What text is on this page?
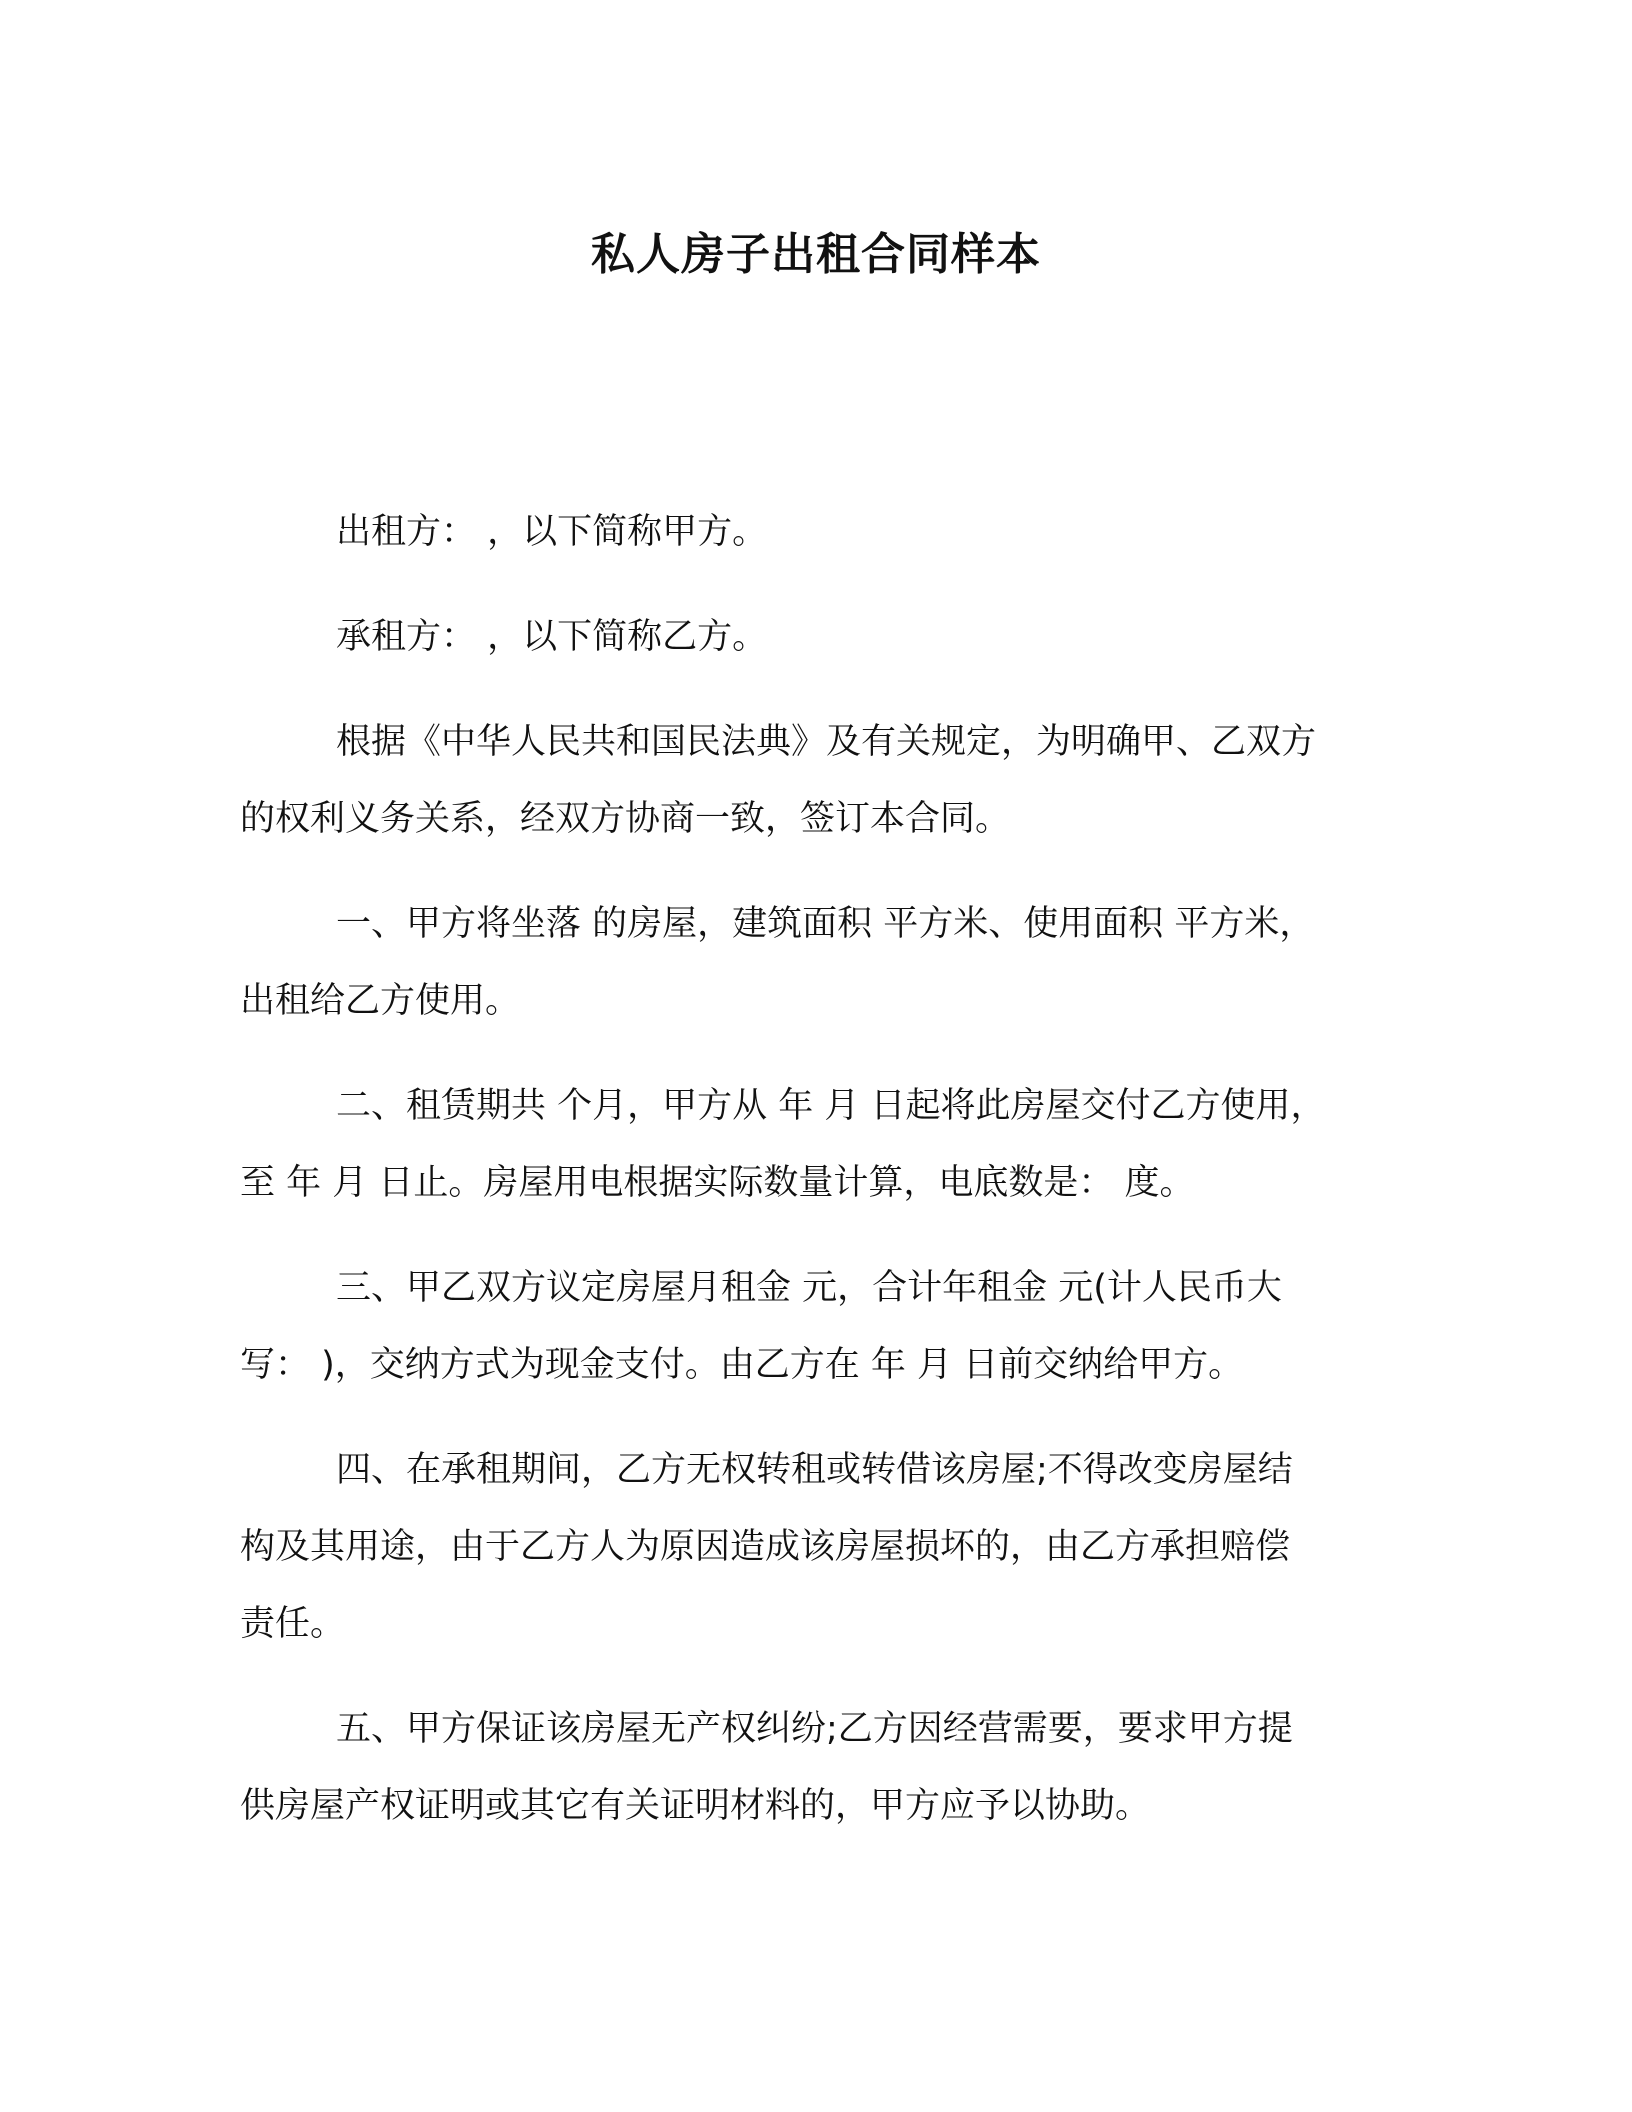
私人房子出租合同样本
出租方： ，以下简称甲方。
承租方： ，以下简称乙方。
根据《中华人民共和国民法典》及有关规定，为明确甲、乙双方
的权利义务关系，经双方协商一致，签订本合同。
一、甲方将坐落 的房屋，建筑面积 平方米、使用面积 平方米，
出租给乙方使用。
二、租赁期共 个月，甲方从 年 月 日起将此房屋交付乙方使用，
至 年 月 日止。房屋用电根据实际数量计算，电底数是： 度。
三、甲乙双方议定房屋月租金 元，合计年租金 元(计人民币大
写： )，交纳方式为现金支付。由乙方在 年 月 日前交纳给甲方。
四、在承租期间，乙方无权转租或转借该房屋;不得改变房屋结
构及其用途，由于乙方人为原因造成该房屋损坏的，由乙方承担赔偿
责任。
五、甲方保证该房屋无产权纠纷;乙方因经营需要，要求甲方提
供房屋产权证明或其它有关证明材料的，甲方应予以协助。
